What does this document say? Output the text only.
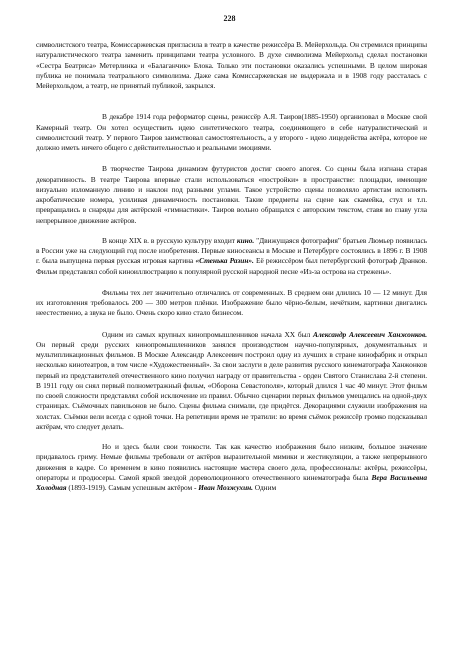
228

символистского театра, Комиссаржевская пригласила в театр в качестве режиссёра В. Мейерхольда. Он стремился принципы натуралистического театра заменить принципами театра условного. В духе символизма Мейерхольд сделал постановки «Сестра Беатриса» Метерлинка и «Балаганчик» Блока. Только эти постановки оказались успешными. В целом широкая публика не понимала театрального символизма. Даже сама Комиссаржевская не выдержала и в 1908 году рассталась с Мейерхольдом, а театр, не принятый публикой, закрылся.

В декабре 1914 года реформатор сцены, режиссёр А.Я. Таиров(1885-1950) организовал в Москве свой Камерный театр. Он хотел осуществить идею синтетического театра, соединяющего в себе натуралистический и символистский театр. У первого Таиров заимствовал самостоятельность, а у второго - идею лицедейства актёра, которое не должно иметь ничего общего с действительностью и реальными эмоциями.

В творчестве Таирова динамизм футуристов достиг своего апогея. Со сцены была изгнана старая декоративность. В театре Таирова впервые стали использоваться «постройки» в пространстве: площадки, имеющие визуально изломанную линию и наклон под разными углами. Такое устройство сцены позволяло артистам исполнять акробатические номера, усиливая динамичность постановки. Такие предметы на сцене как скамейка, стул и т.п. превращались в снаряды для актёрской «гимнастики». Таиров вольно обращался с авторским текстом, ставя во главу угла непрерывное движение актёров.

В конце XIX в. в русскую культуру входит кино. "Движущаяся фотография" братьев Люмьер появилась в России уже на следующий год после изобретения. Первые киносеансы в Москве и Петербурге состоялись в 1896 г. В 1908 г. была выпущена первая русская игровая картина «Стенька Разин». Её режиссёром был петербургский фотограф Дранков. Фильм представлял собой киноиллюстрацию к популярной русской народной песне «Из-за острова на стрежень».

Фильмы тех лет значительно отличались от современных. В среднем они длились 10 — 12 минут. Для их изготовления требовалось 200 — 300 метров плёнки. Изображение было чёрно-белым, нечётким, картинки двигались неестественно, а звука не было. Очень скоро кино стало бизнесом.

Одним из самых крупных кинопромышленников начала XX был Александр Алексеевич Ханжонков. Он первый среди русских кинопромышленников занялся производством научно-популярных, документальных и мультипликационных фильмов. В Москве Александр Алексеевич построил одну из лучших в стране кинофабрик и открыл несколько кинотеатров, в том числе «Художественный». За свои заслуги в деле развития русского кинематографа Ханжонков первый из представителей отечественного кино получил награду от правительства - орден Святого Станислава 2-й степени. В 1911 году он снял первый полнометражный фильм, «Оборона Севастополя», который длился 1 час 40 минут. Этот фильм по своей сложности представлял собой исключение из правил. Обычно сценарии первых фильмов умещались на одной-двух страницах. Съёмочных павильонов не было. Сцены фильма снимали, где придётся. Декорациями служили изображения на холстах. Съёмки вели всегда с одной точки. На репетиции время не тратили: во время съёмок режиссёр громко подсказывал актёрам, что следует делать.

Но и здесь были свои тонкости. Так как качество изображения было низким, большое значение придавалось гриму. Немые фильмы требовали от актёров выразительной мимики и жестикуляции, а также непрерывного движения в кадре. Со временем в кино появились настоящие мастера своего дела, профессионалы: актёры, режиссёры, операторы и продюсеры. Самой яркой звездой дореволюционного отечественного кинематографа была Вера Васильевна Холодная (1893-1919). Самым успешным актёром - Иван Мозжухин. Одним
